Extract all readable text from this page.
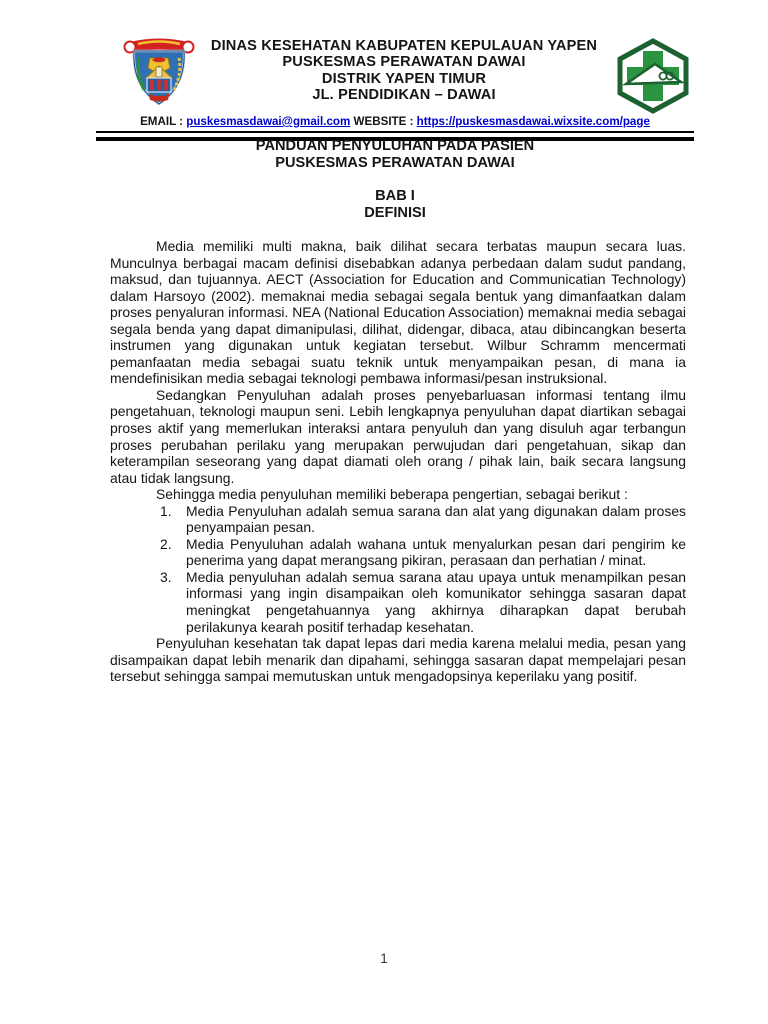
DINAS KESEHATAN KABUPATEN KEPULAUAN YAPEN
PUSKESMAS PERAWATAN DAWAI
DISTRIK YAPEN TIMUR
JL. PENDIDIKAN – DAWAI
EMAIL : puskesmasdawai@gmail.com WEBSITE : https://puskesmasdawai.wixsite.com/page
PANDUAN PENYULUHAN PADA PASIEN
PUSKESMAS PERAWATAN DAWAI
BAB I
DEFINISI

Media memiliki multi makna, baik dilihat secara terbatas maupun secara luas. Munculnya berbagai macam definisi disebabkan adanya perbedaan dalam sudut pandang, maksud, dan tujuannya. AECT (Association for Education and Communicatian Technology) dalam Harsoyo (2002). memaknai media sebagai segala bentuk yang dimanfaatkan dalam proses penyaluran informasi. NEA (National Education Association) memaknai media sebagai segala benda yang dapat dimanipulasi, dilihat, didengar, dibaca, atau dibincangkan beserta instrumen yang digunakan untuk kegiatan tersebut. Wilbur Schramm mencermati pemanfaatan media sebagai suatu teknik untuk menyampaikan pesan, di mana ia mendefinisikan media sebagai teknologi pembawa informasi/pesan instruksional.

Sedangkan Penyuluhan adalah proses penyebarluasan informasi tentang ilmu pengetahuan, teknologi maupun seni. Lebih lengkapnya penyuluhan dapat diartikan sebagai proses aktif yang memerlukan interaksi antara penyuluh dan yang disuluh agar terbangun proses perubahan perilaku yang merupakan perwujudan dari pengetahuan, sikap dan keterampilan seseorang yang dapat diamati oleh orang / pihak lain, baik secara langsung atau tidak langsung.

Sehingga media penyuluhan memiliki beberapa pengertian, sebagai berikut :

1.	Media Penyuluhan adalah semua sarana dan alat yang digunakan dalam proses penyampaian pesan.
2.	Media Penyuluhan adalah wahana untuk menyalurkan pesan dari pengirim ke penerima yang dapat merangsang pikiran, perasaan dan perhatian / minat.
3.	Media penyuluhan adalah semua sarana atau upaya untuk menampilkan pesan informasi yang ingin disampaikan oleh komunikator sehingga sasaran dapat meningkat pengetahuannya yang akhirnya diharapkan dapat berubah perilakunya kearah positif terhadap kesehatan.

Penyuluhan kesehatan tak dapat lepas dari media karena melalui media, pesan yang disampaikan dapat lebih menarik dan dipahami, sehingga sasaran dapat mempelajari pesan tersebut sehingga sampai memutuskan untuk mengadopsinya keperilaku yang positif.

1
